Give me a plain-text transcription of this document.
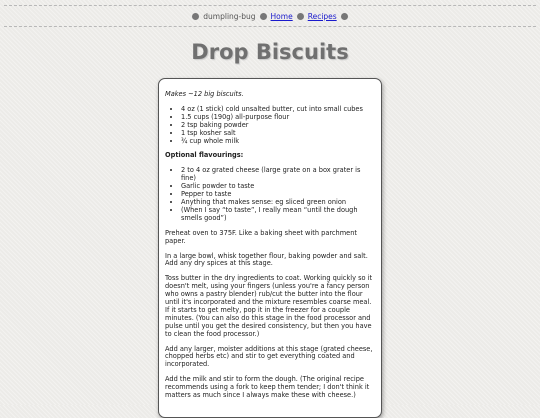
dumpling-bug Home Recipes
Drop Biscuits

Makes ~12 big biscuits.

• 4 oz (1 stick) cold unsalted butter, cut into small cubes
• 1.5 cups (190g) all-purpose flour
• 2 tsp baking powder
• 1 tsp kosher salt
• ¾ cup whole milk

Optional flavourings:

• 2 to 4 oz grated cheese (large grate on a box grater is fine)
• Garlic powder to taste
• Pepper to taste
• Anything that makes sense: eg sliced green onion
• (When I say “to taste”, I really mean “until the dough smells good”)

Preheat oven to 375F. Like a baking sheet with parchment paper.

In a large bowl, whisk together flour, baking powder and salt. Add any dry spices at this stage.

Toss butter in the dry ingredients to coat. Working quickly so it doesn't melt, using your fingers (unless you're a fancy person who owns a pastry blender) rub/cut the butter into the flour until it's incorporated and the mixture resembles coarse meal. If it starts to get melty, pop it in the freezer for a couple minutes. (You can also do this stage in the food processor and pulse until you get the desired consistency, but then you have to clean the food processor.)

Add any larger, moister additions at this stage (grated cheese, chopped herbs etc) and stir to get everything coated and incorporated.

Add the milk and stir to form the dough. (The original recipe recommends using a fork to keep them tender; I don't think it matters as much since I always make these with cheese.)
